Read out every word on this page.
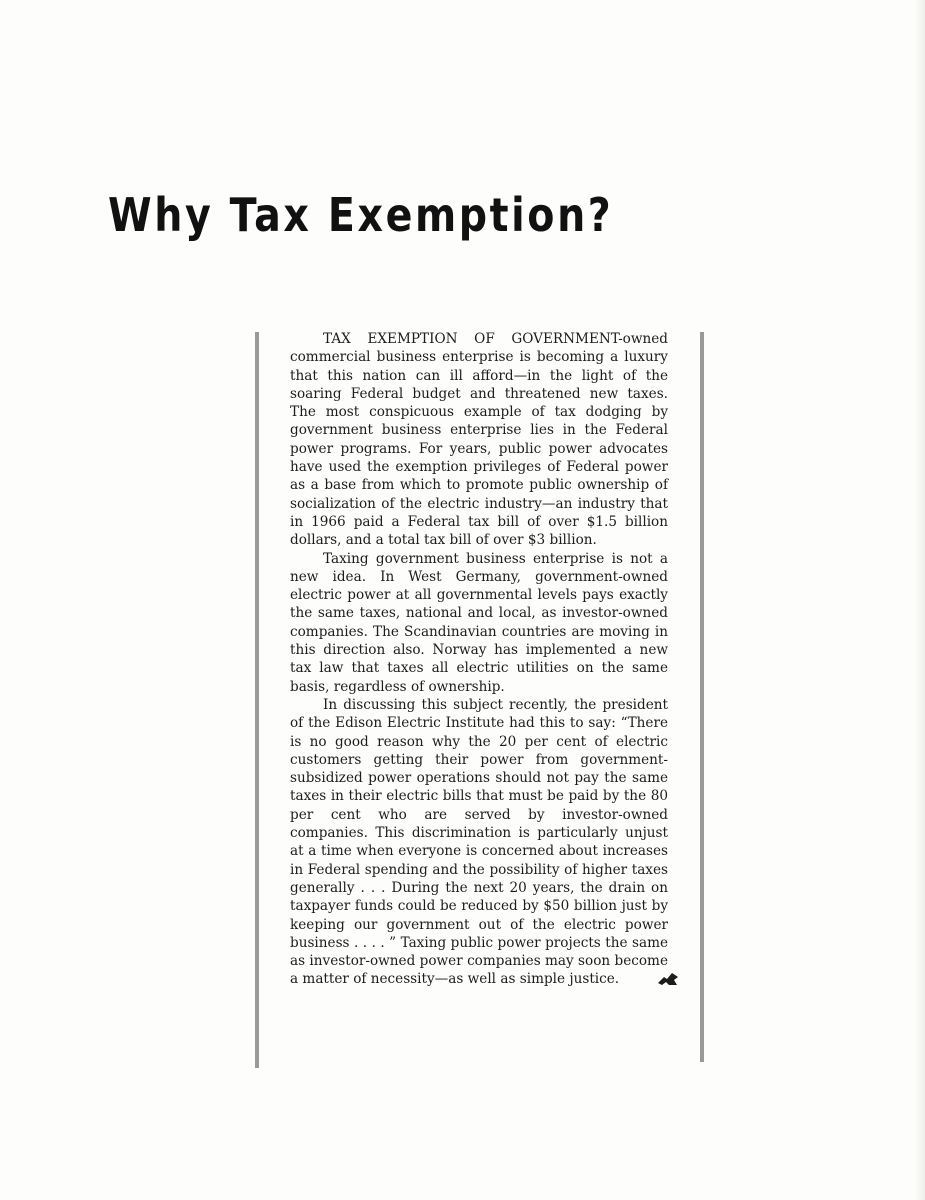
Why Tax Exemption?

TAX EXEMPTION OF GOVERNMENT-owned commercial business enterprise is becoming a luxury that this nation can ill afford—in the light of the soaring Federal budget and threatened new taxes. The most conspicuous example of tax dodging by government business enterprise lies in the Federal power programs. For years, public power advocates have used the exemption privileges of Federal power as a base from which to promote public ownership of socialization of the electric industry—an industry that in 1966 paid a Federal tax bill of over $1.5 billion dollars, and a total tax bill of over $3 billion.

Taxing government business enterprise is not a new idea. In West Germany, government-owned electric power at all governmental levels pays exactly the same taxes, national and local, as investor-owned companies. The Scandinavian countries are moving in this direction also. Norway has implemented a new tax law that taxes all electric utilities on the same basis, regardless of ownership.

In discussing this subject recently, the president of the Edison Electric Institute had this to say: “There is no good reason why the 20 per cent of electric customers getting their power from government-subsidized power operations should not pay the same taxes in their electric bills that must be paid by the 80 per cent who are served by investor-owned companies. This discrimination is particularly unjust at a time when everyone is concerned about increases in Federal spending and the possibility of higher taxes generally . . . During the next 20 years, the drain on taxpayer funds could be reduced by $50 billion just by keeping our government out of the electric power business . . . . ” Taxing public power projects the same as investor-owned power companies may soon become a matter of necessity—as well as simple justice.
